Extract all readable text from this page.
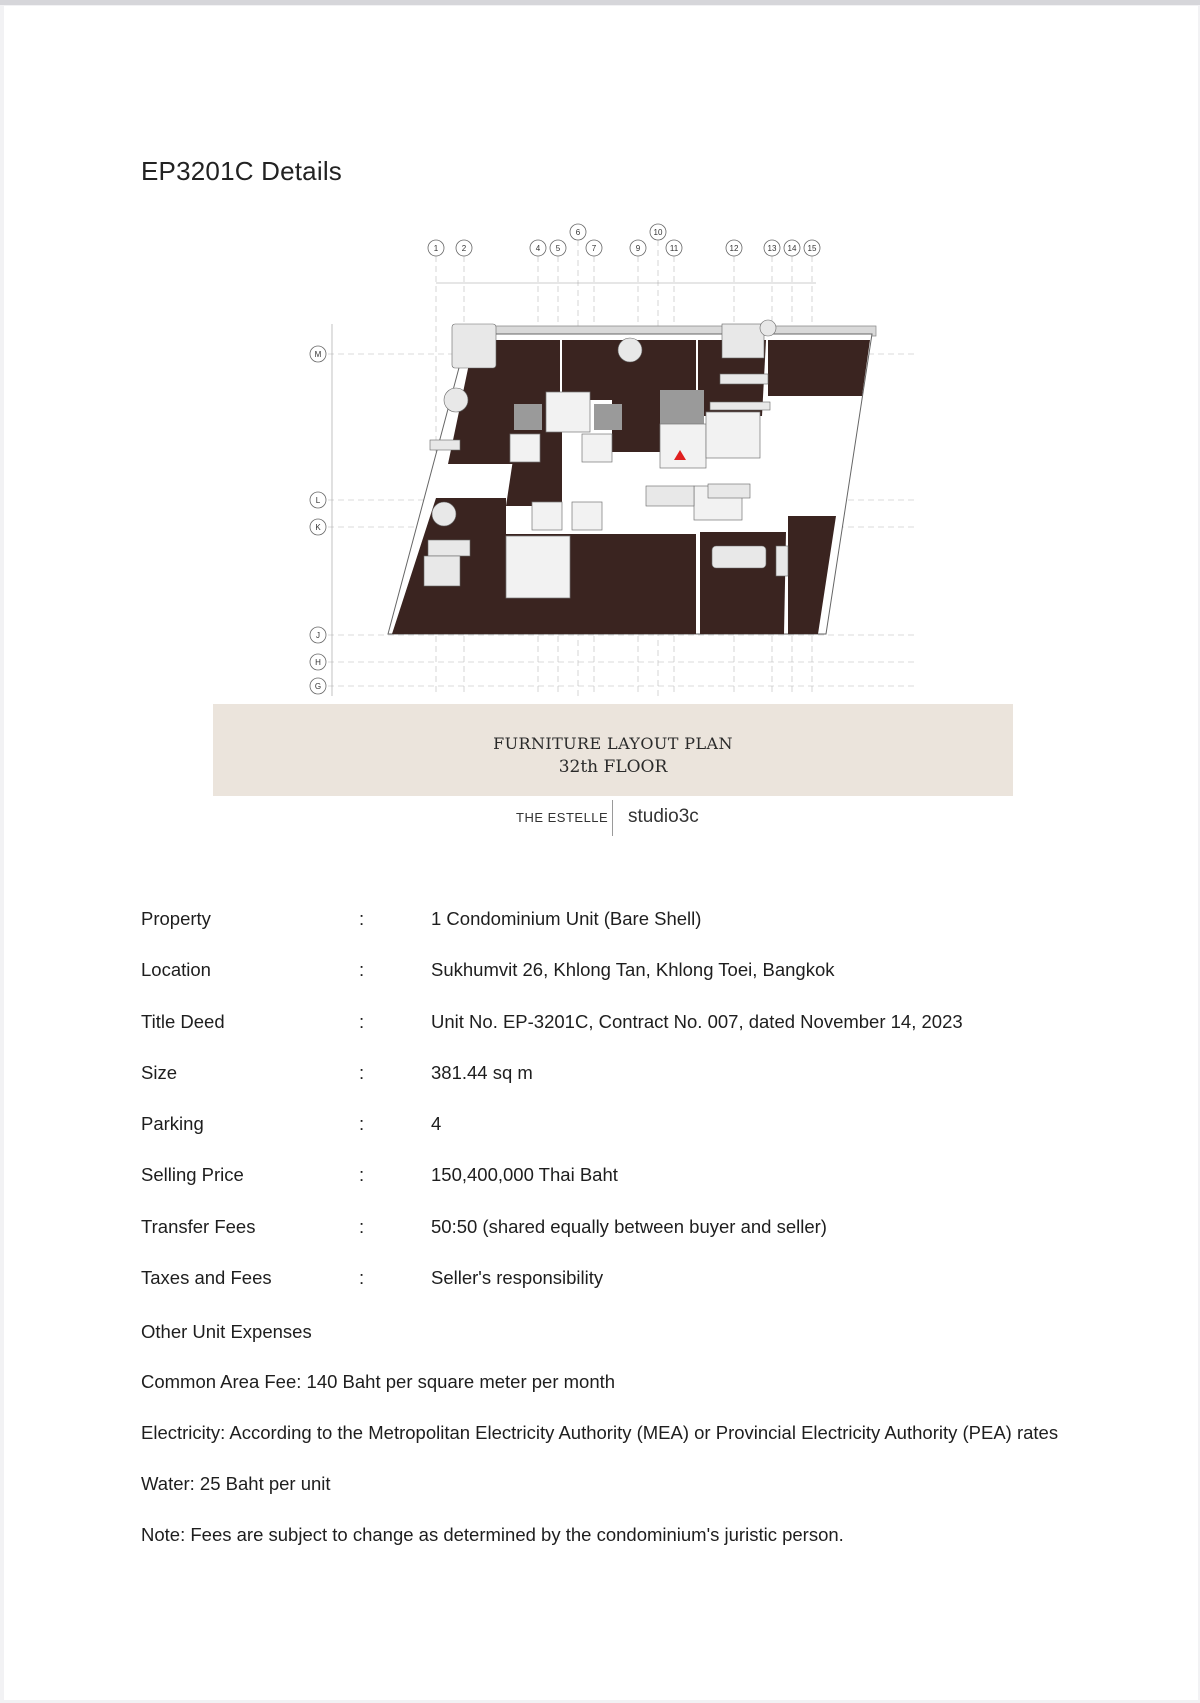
EP3201C Details
1	2	4 5
6
7	9
10
11	12	13 14 15
M
L
K
J
H
G
FURNITURE LAYOUT PLAN
32th FLOOR
THE ESTELLE studio3c
Property	:	1 Condominium Unit (Bare Shell)
Location	:	Sukhumvit 26, Khlong Tan, Khlong Toei, Bangkok
Title Deed	:	Unit No. EP-3201C, Contract No. 007, dated November 14, 2023
Size	:	381.44 sq m
Parking	:	4
Selling Price	:	150,400,000 Thai Baht
Transfer Fees	:	50:50 (shared equally between buyer and seller)
Taxes and Fees	:	Seller's responsibility
Other Unit Expenses
Common Area Fee: 140 Baht per square meter per month
Electricity: According to the Metropolitan Electricity Authority (MEA) or Provincial Electricity Authority (PEA) rates
Water: 25 Baht per unit
Note: Fees are subject to change as determined by the condominium's juristic person.
